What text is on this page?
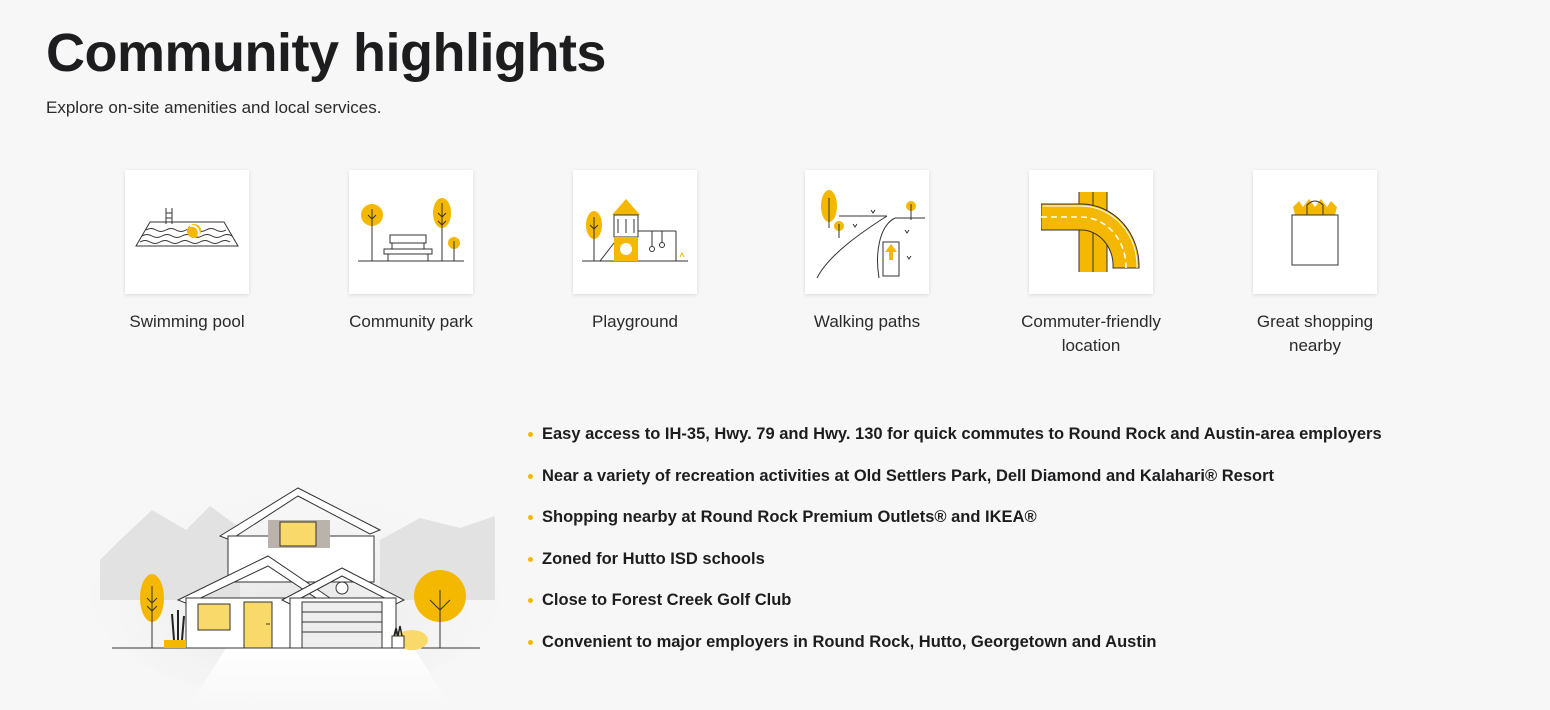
Community highlights

Explore on-site amenities and local services.

Swimming pool	Community park	Playground	Walking paths	Commuter-friendly location
Great shopping nearby
Easy access to IH-35, Hwy. 79 and Hwy. 130 for quick commutes to Round Rock and Austin-area employers
Near a variety of recreation activities at Old Settlers Park, Dell Diamond and Kalahari® Resort
Shopping nearby at Round Rock Premium Outlets® and IKEA®
Zoned for Hutto ISD schools
Close to Forest Creek Golf Club
Convenient to major employers in Round Rock, Hutto, Georgetown and Austin
